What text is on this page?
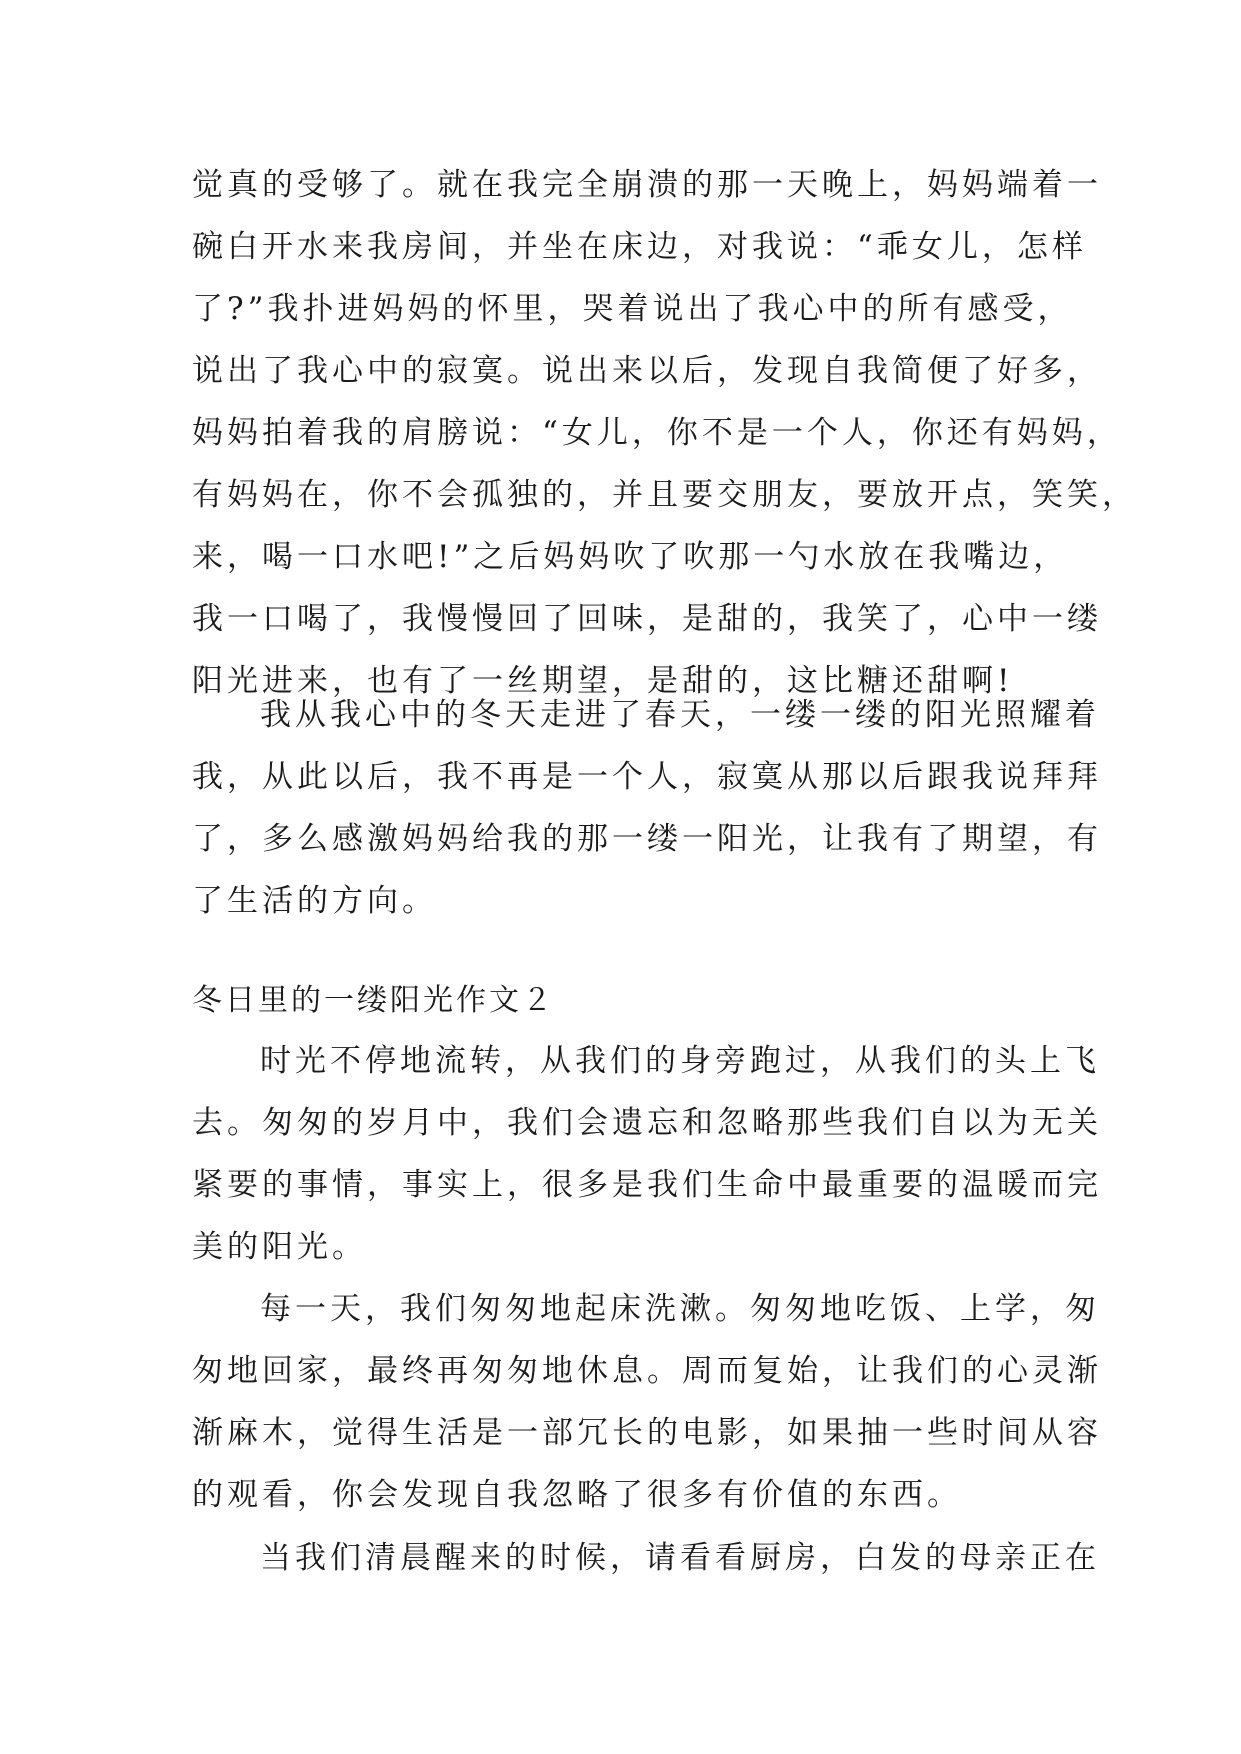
觉真的受够了。就在我完全崩溃的那一天晚上，妈妈端着一
碗白开水来我房间，并坐在床边，对我说：“乖女儿，怎样
了?”我扑进妈妈的怀里，哭着说出了我心中的所有感受，
说出了我心中的寂寞。说出来以后，发现自我简便了好多，
妈妈拍着我的肩膀说：“女儿，你不是一个人，你还有妈妈，
有妈妈在，你不会孤独的，并且要交朋友，要放开点，笑笑，
来，喝一口水吧!”之后妈妈吹了吹那一勺水放在我嘴边，
我一口喝了，我慢慢回了回味，是甜的，我笑了，心中一缕
阳光进来，也有了一丝期望，是甜的，这比糖还甜啊!
我从我心中的冬天走进了春天，一缕一缕的阳光照耀着
我，从此以后，我不再是一个人，寂寞从那以后跟我说拜拜
了，多么感激妈妈给我的那一缕一阳光，让我有了期望，有
了生活的方向。
冬日里的一缕阳光作文２
时光不停地流转，从我们的身旁跑过，从我们的头上飞
去。匆匆的岁月中，我们会遗忘和忽略那些我们自以为无关
紧要的事情，事实上，很多是我们生命中最重要的温暖而完
美的阳光。
每一天，我们匆匆地起床洗漱。匆匆地吃饭、上学，匆
匆地回家，最终再匆匆地休息。周而复始，让我们的心灵渐
渐麻木，觉得生活是一部冗长的电影，如果抽一些时间从容
的观看，你会发现自我忽略了很多有价值的东西。
当我们清晨醒来的时候，请看看厨房，白发的母亲正在
